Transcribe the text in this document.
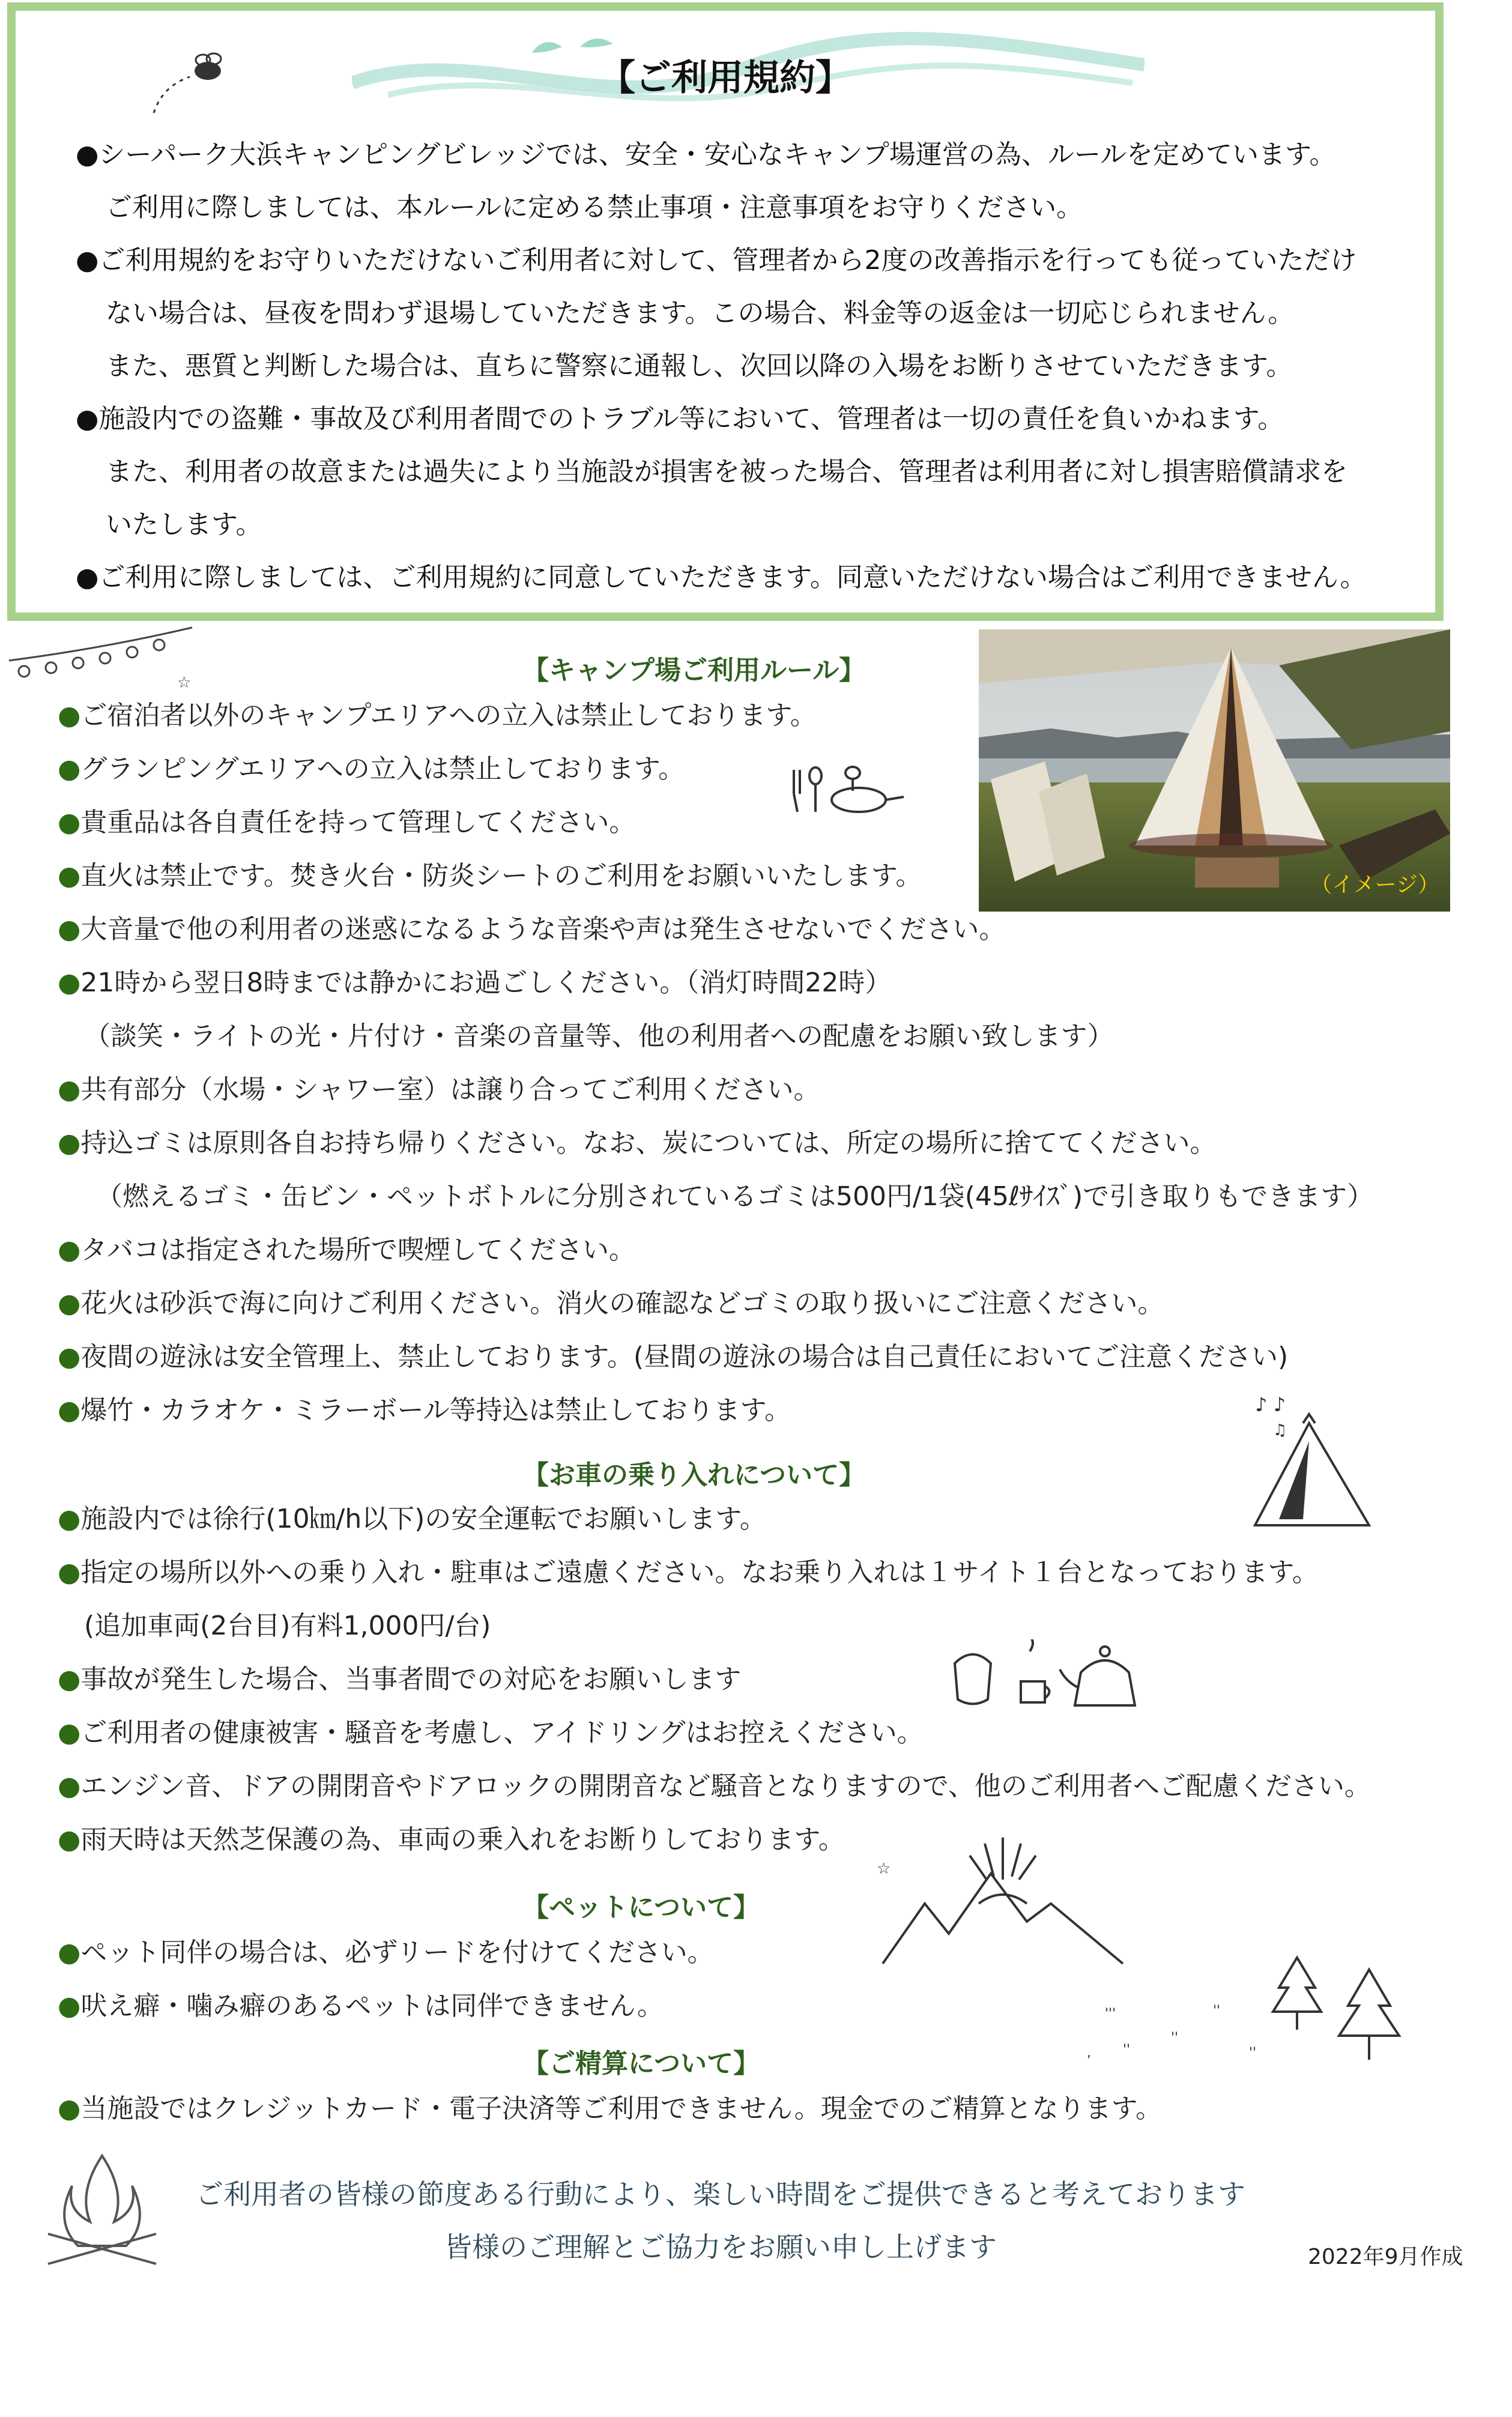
【ご利用規約】
●シーパーク大浜キャンピングビレッジでは、安全・安心なキャンプ場運営の為、ルールを定めています。
ご利用に際しましては、本ルールに定める禁止事項・注意事項をお守りください。
●ご利用規約をお守りいただけないご利用者に対して、管理者から2度の改善指示を行っても従っていただけ
ない場合は、昼夜を問わず退場していただきます。この場合、料金等の返金は一切応じられません。
また、悪質と判断した場合は、直ちに警察に通報し、次回以降の入場をお断りさせていただきます。
●施設内での盗難・事故及び利用者間でのトラブル等において、管理者は一切の責任を負いかねます。
また、利用者の故意または過失により当施設が損害を被った場合、管理者は利用者に対し損害賠償請求を
いたします。
●ご利用に際しましては、ご利用規約に同意していただきます。同意いただけない場合はご利用できません。
☆	【キャンプ場ご利用ルール】
●ご宿泊者以外のキャンプエリアへの立入は禁止しております。
●グランピングエリアへの立入は禁止しております。
●貴重品は各自責任を持って管理してください。
●直火は禁止です。焚き火台・防炎シートのご利用をお願いいたします。
●大音量で他の利用者の迷惑になるような音楽や声は発生させないでください。
●21時から翌日8時までは静かにお過ごしください。（消灯時間22時）
（談笑・ライトの光・片付け・音楽の音量等、他の利用者への配慮をお願い致します）
●共有部分（水場・シャワー室）は譲り合ってご利用ください。
●持込ゴミは原則各自お持ち帰りください。なお、炭については、所定の場所に捨ててください。
（燃えるゴミ・缶ビン・ペットボトルに分別されているゴミは500円/1袋(45ℓｻｲｽﾞ)で引き取りもできます）
●タバコは指定された場所で喫煙してください。
●花火は砂浜で海に向けご利用ください。消火の確認などゴミの取り扱いにご注意ください。
●夜間の遊泳は安全管理上、禁止しております。(昼間の遊泳の場合は自己責任においてご注意ください)
●爆竹・カラオケ・ミラーボール等持込は禁止しております。
（イメージ）
♪ ♪
♫
【お車の乗り入れについて】
●施設内では徐行(10㎞/h以下)の安全運転でお願いします。
●指定の場所以外への乗り入れ・駐車はご遠慮ください。なお乗り入れは１サイト１台となっております。
(追加車両(2台目)有料1,000円/台)
●事故が発生した場合、当事者間での対応をお願いします
●ご利用者の健康被害・騒音を考慮し、アイドリングはお控えください。
●エンジン音、ドアの開閉音やドアロックの開閉音など騒音となりますので、他のご利用者へご配慮ください。
●雨天時は天然芝保護の為、車両の乗入れをお断りしております。
☆
【ペットについて】
●ペット同伴の場合は、必ずリードを付けてください。
●吠え癖・噛み癖のあるペットは同伴できません。	'''	''
''
''	''
,
【ご精算について】
●当施設ではクレジットカード・電子決済等ご利用できません。現金でのご精算となります。
ご利用者の皆様の節度ある行動により、楽しい時間をご提供できると考えております
皆様のご理解とご協力をお願い申し上げます	2022年9月作成
